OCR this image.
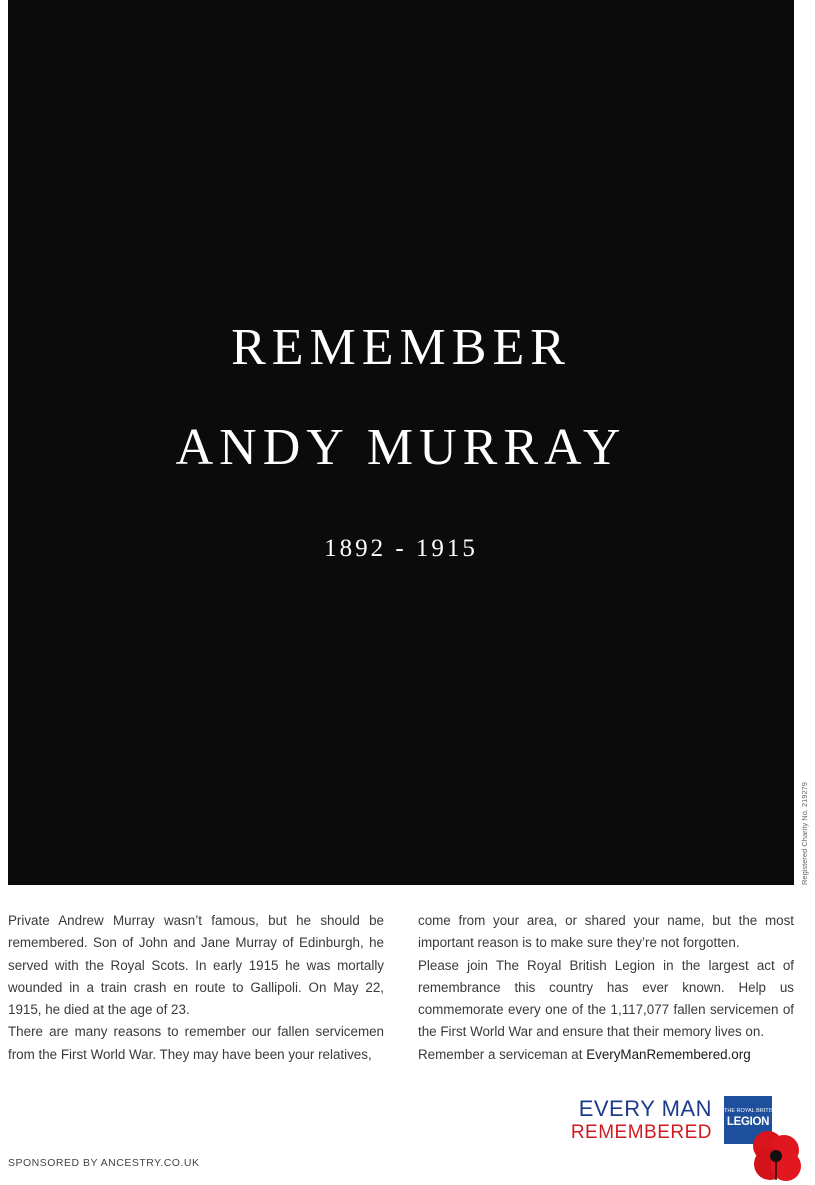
REMEMBER
ANDY MURRAY
1892 - 1915
Registered Charity No. 219279

Private Andrew Murray wasn’t famous, but he should be remembered. Son of John and Jane Murray of Edinburgh, he served with the Royal Scots. In early 1915 he was mortally wounded in a train crash en route to Gallipoli. On May 22, 1915, he died at the age of 23.

There are many reasons to remember our fallen servicemen from the First World War. They may have been your relatives,

come from your area, or shared your name, but the most important reason is to make sure they’re not forgotten.

Please join The Royal British Legion in the largest act of remembrance this country has ever known. Help us commemorate every one of the 1,117,077 fallen servicemen of the First World War and ensure that their memory lives on.

Remember a serviceman at EveryManRemembered.org

EVERY MAN
REMEMBERED
THE ROYAL BRITISH
LEGION
SPONSORED BY ANCESTRY.CO.UK
